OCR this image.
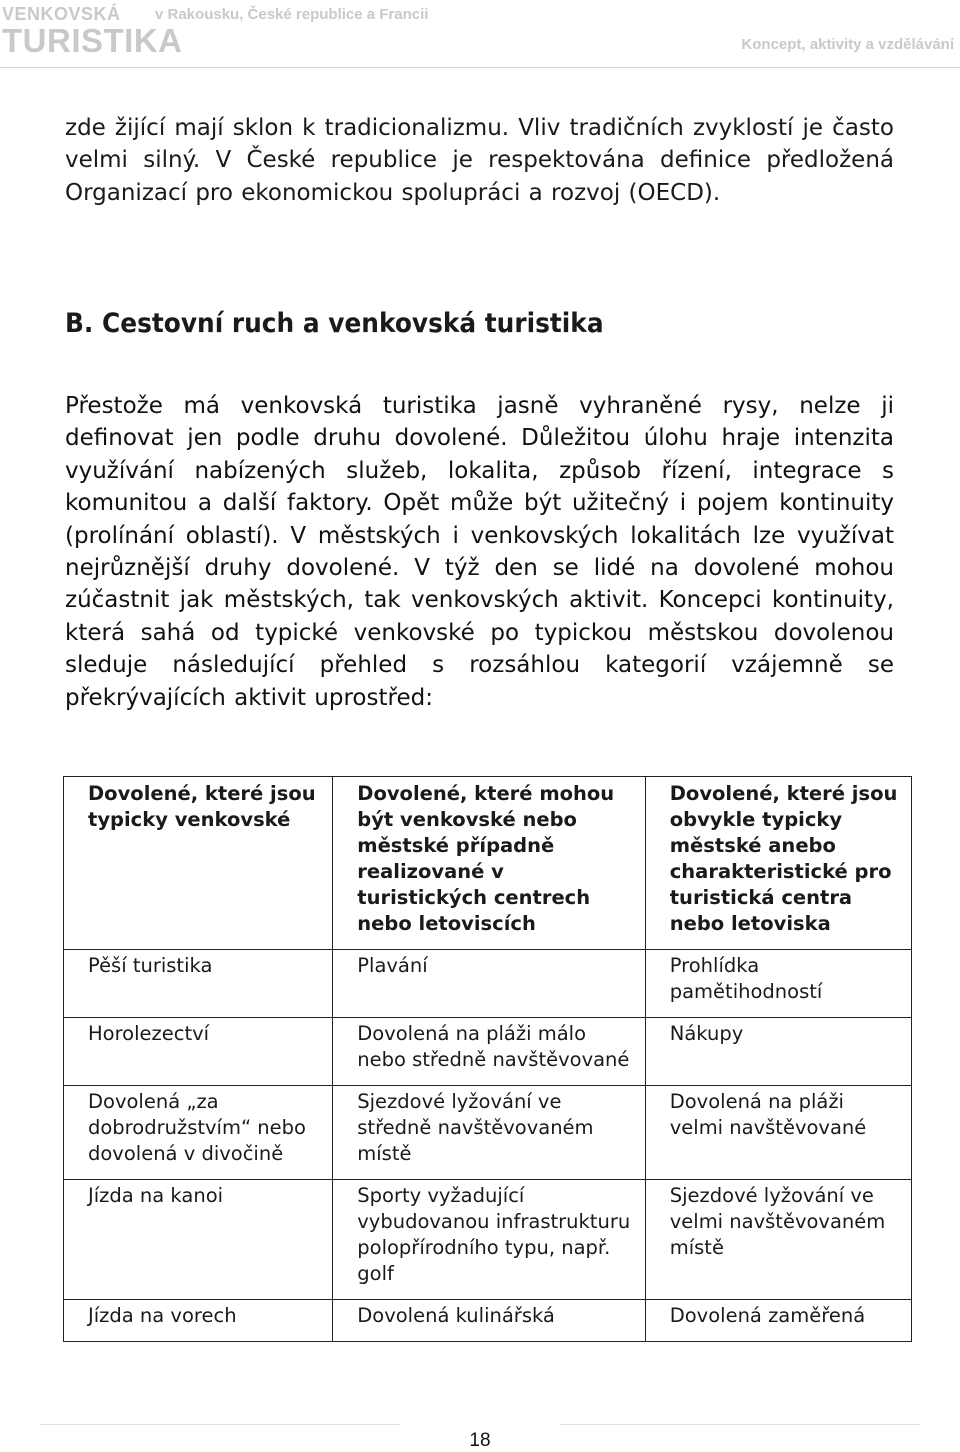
VENKOVSKÁ v Rakousku, České republice a Francii
TURISTIKA	Koncept, aktivity a vzdělávání

zde žijící mají sklon k tradicionalizmu. Vliv tradičních zvyklostí je často velmi silný. V České republice je respektována definice předložená Organizací pro ekonomickou spolupráci a rozvoj (OECD).

B. Cestovní ruch a venkovská turistika

Přestože má venkovská turistika jasně vyhraněné rysy, nelze ji definovat jen podle druhu dovolené. Důležitou úlohu hraje intenzita využívání nabízených služeb, lokalita, způsob řízení, integrace s komunitou a další faktory. Opět může být užitečný i pojem kontinuity (prolínání oblastí). V městských i venkovských lokalitách lze využívat nejrůznější druhy dovolené. V týž den se lidé na dovolené mohou zúčastnit jak městských, tak venkovských aktivit. Koncepci kontinuity, která sahá od typické venkovské po typickou městskou dovolenou sleduje následující přehled s rozsáhlou kategorií vzájemně se překrývajících aktivit uprostřed:

Dovolené, které jsou typicky venkovské	Dovolené, které mohou být venkovské nebo městské případně realizované v turistických centrech nebo letoviscích	Dovolené, které jsou obvykle typicky městské anebo charakteristické pro turistická centra nebo letoviska
Pěší turistika	Plavání	Prohlídka pamětihodností
Horolezectví	Dovolená na pláži málo nebo středně navštěvované	Nákupy
Dovolená „za dobrodružstvím“ nebo dovolená v divočině	Sjezdové lyžování ve středně navštěvovaném místě	Dovolená na pláži velmi navštěvované
Jízda na kanoi	Sporty vyžadující vybudovanou infrastrukturu polopřírodního typu, např. golf	Sjezdové lyžování ve velmi navštěvovaném místě
Jízda na vorech	Dovolená kulinářská	Dovolená zaměřená
18
